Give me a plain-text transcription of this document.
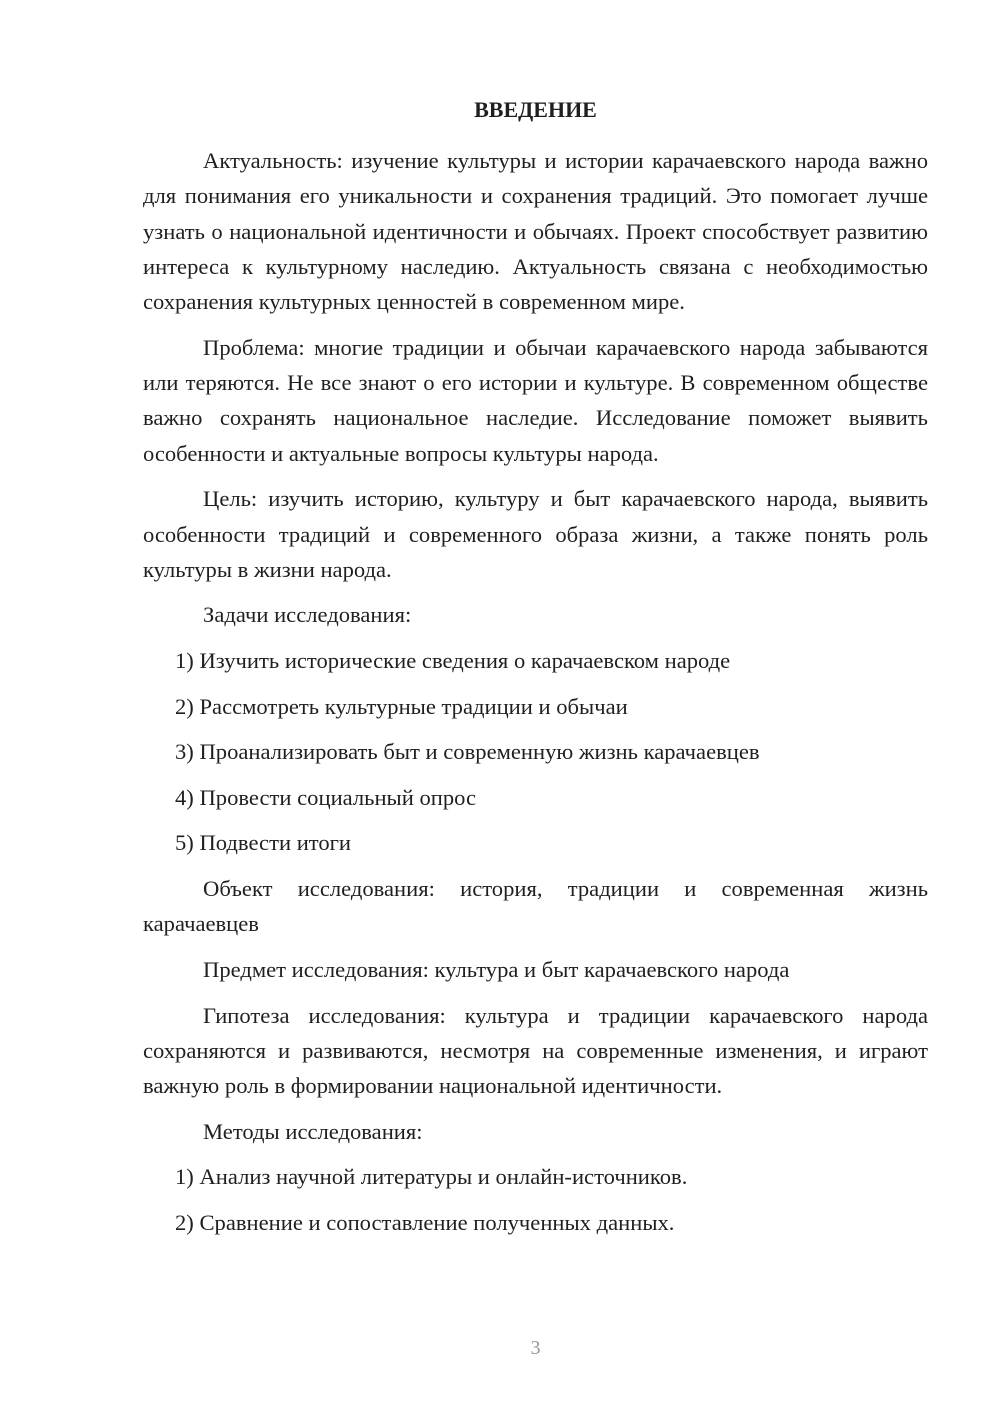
ВВЕДЕНИЕ

Актуальность: изучение культуры и истории карачаевского народа важно для понимания его уникальности и сохранения традиций. Это помогает лучше узнать о национальной идентичности и обычаях. Проект способствует развитию интереса к культурному наследию. Актуальность связана с необходимостью сохранения культурных ценностей в современном мире.

Проблема: многие традиции и обычаи карачаевского народа забываются или теряются. Не все знают о его истории и культуре. В современном обществе важно сохранять национальное наследие. Исследование поможет выявить особенности и актуальные вопросы культуры народа.

Цель: изучить историю, культуру и быт карачаевского народа, выявить особенности традиций и современного образа жизни, а также понять роль культуры в жизни народа.

Задачи исследования:

1) Изучить исторические сведения о карачаевском народе

2) Рассмотреть культурные традиции и обычаи

3) Проанализировать быт и современную жизнь карачаевцев

4) Провести социальный опрос

5) Подвести итоги

Объект исследования: история, традиции и современная жизнь карачаевцев

Предмет исследования: культура и быт карачаевского народа

Гипотеза исследования: культура и традиции карачаевского народа сохраняются и развиваются, несмотря на современные изменения, и играют важную роль в формировании национальной идентичности.

Методы исследования:

1) Анализ научной литературы и онлайн-источников.

2) Сравнение и сопоставление полученных данных.

3
